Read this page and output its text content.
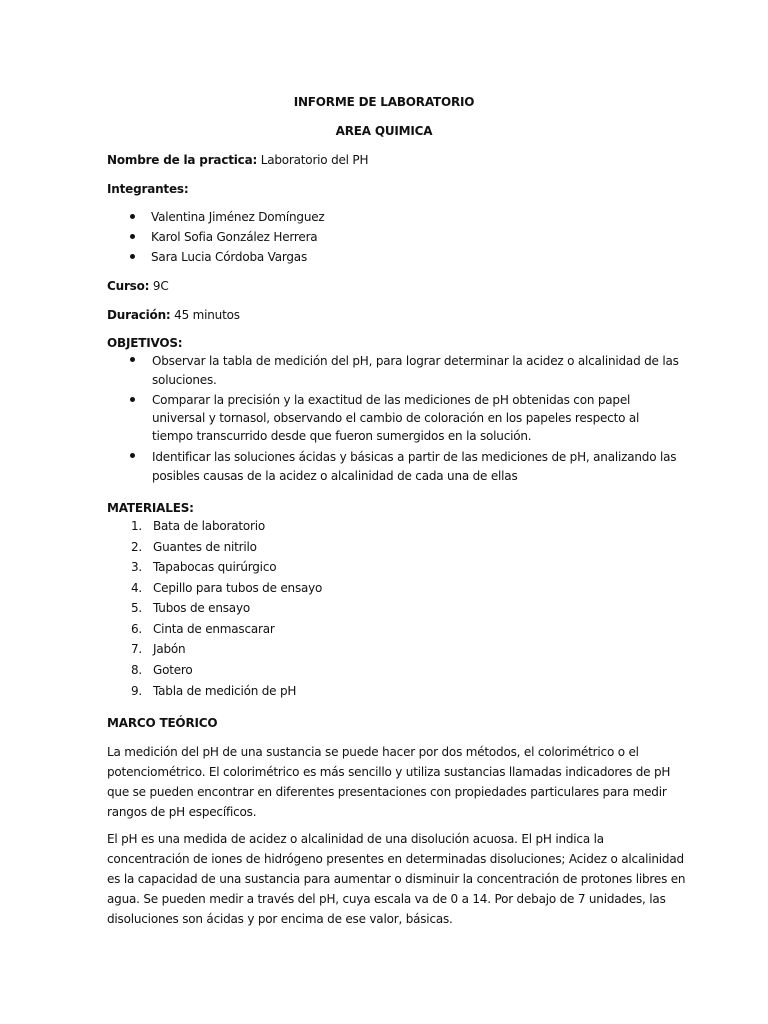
INFORME DE LABORATORIO
AREA QUIMICA
Nombre de la practica: Laboratorio del PH
Integrantes:
Valentina Jiménez Domínguez
Karol Sofia González Herrera
Sara Lucia Córdoba Vargas
Curso: 9C
Duración: 45 minutos
OBJETIVOS:
Observar la tabla de medición del pH, para lograr determinar la acidez o alcalinidad de las
soluciones.
Comparar la precisión y la exactitud de las mediciones de pH obtenidas con papel
universal y tornasol, observando el cambio de coloración en los papeles respecto al
tiempo transcurrido desde que fueron sumergidos en la solución.
Identificar las soluciones ácidas y básicas a partir de las mediciones de pH, analizando las
posibles causas de la acidez o alcalinidad de cada una de ellas
MATERIALES:
1. Bata de laboratorio
2. Guantes de nitrilo
3. Tapabocas quirúrgico
4. Cepillo para tubos de ensayo
5. Tubos de ensayo
6. Cinta de enmascarar
7. Jabón
8. Gotero
9. Tabla de medición de pH
MARCO TEÓRICO
La medición del pH de una sustancia se puede hacer por dos métodos, el colorimétrico o el
potenciométrico. El colorimétrico es más sencillo y utiliza sustancias llamadas indicadores de pH
que se pueden encontrar en diferentes presentaciones con propiedades particulares para medir
rangos de pH específicos.
El pH es una medida de acidez o alcalinidad de una disolución acuosa. El pH indica la
concentración de iones de hidrógeno presentes en determinadas disoluciones; Acidez o alcalinidad
es la capacidad de una sustancia para aumentar o disminuir la concentración de protones libres en
agua. Se pueden medir a través del pH, cuya escala va de 0 a 14. Por debajo de 7 unidades, las
disoluciones son ácidas y por encima de ese valor, básicas.
